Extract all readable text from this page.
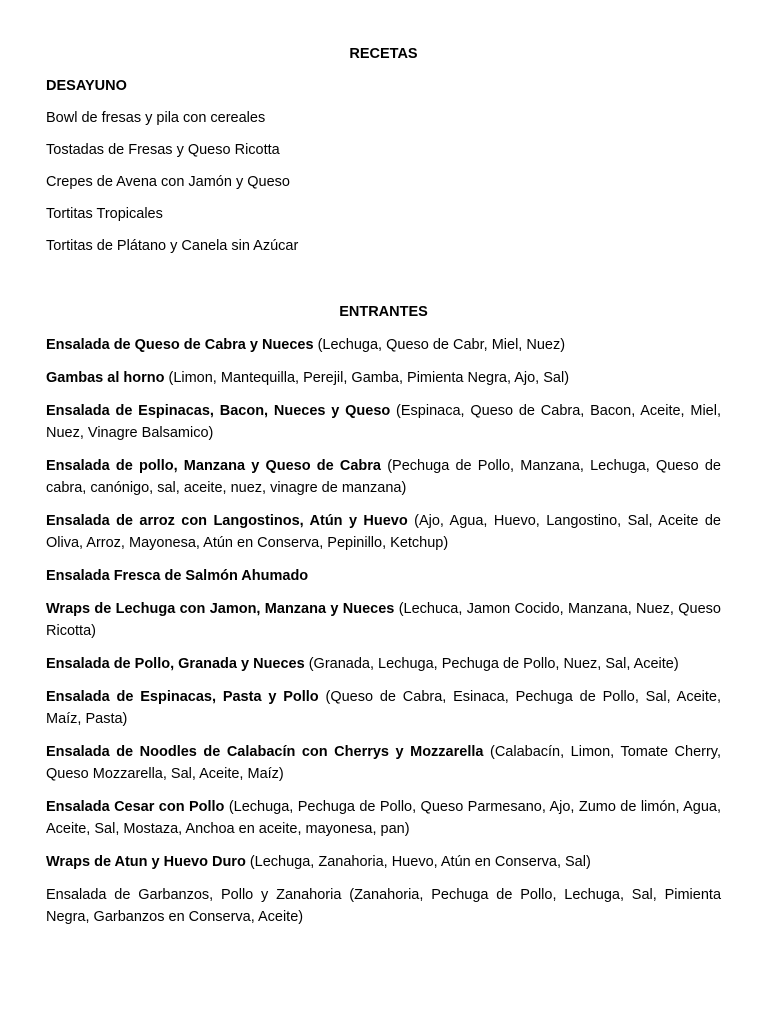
RECETAS
DESAYUNO
Bowl de fresas y pila con cereales
Tostadas de Fresas y Queso Ricotta
Crepes de Avena con Jamón y Queso
Tortitas Tropicales
Tortitas de Plátano y Canela sin Azúcar
ENTRANTES
Ensalada de Queso de Cabra y Nueces (Lechuga, Queso de Cabr, Miel, Nuez)
Gambas al horno (Limon, Mantequilla, Perejil, Gamba, Pimienta Negra, Ajo, Sal)
Ensalada de Espinacas, Bacon, Nueces y Queso (Espinaca, Queso de Cabra, Bacon, Aceite, Miel, Nuez, Vinagre Balsamico)
Ensalada de pollo, Manzana y Queso de Cabra (Pechuga de Pollo, Manzana, Lechuga, Queso de cabra, canónigo, sal, aceite, nuez, vinagre de manzana)
Ensalada de arroz con Langostinos, Atún y Huevo (Ajo, Agua, Huevo, Langostino, Sal, Aceite de Oliva, Arroz, Mayonesa, Atún en Conserva, Pepinillo, Ketchup)
Ensalada Fresca de Salmón Ahumado
Wraps de Lechuga con Jamon, Manzana y Nueces (Lechuca, Jamon Cocido, Manzana, Nuez, Queso Ricotta)
Ensalada de Pollo, Granada y Nueces (Granada, Lechuga, Pechuga de Pollo, Nuez, Sal, Aceite)
Ensalada de Espinacas, Pasta y Pollo (Queso de Cabra, Esinaca, Pechuga de Pollo, Sal, Aceite, Maíz, Pasta)
Ensalada de Noodles de Calabacín con Cherrys y Mozzarella (Calabacín, Limon, Tomate Cherry, Queso Mozzarella, Sal, Aceite, Maíz)
Ensalada Cesar con Pollo (Lechuga, Pechuga de Pollo, Queso Parmesano, Ajo, Zumo de limón, Agua, Aceite, Sal, Mostaza, Anchoa en aceite, mayonesa, pan)
Wraps de Atun y Huevo Duro (Lechuga, Zanahoria, Huevo, Atún en Conserva, Sal)
Ensalada de Garbanzos, Pollo y Zanahoria (Zanahoria, Pechuga de Pollo, Lechuga, Sal, Pimienta Negra, Garbanzos en Conserva, Aceite)
